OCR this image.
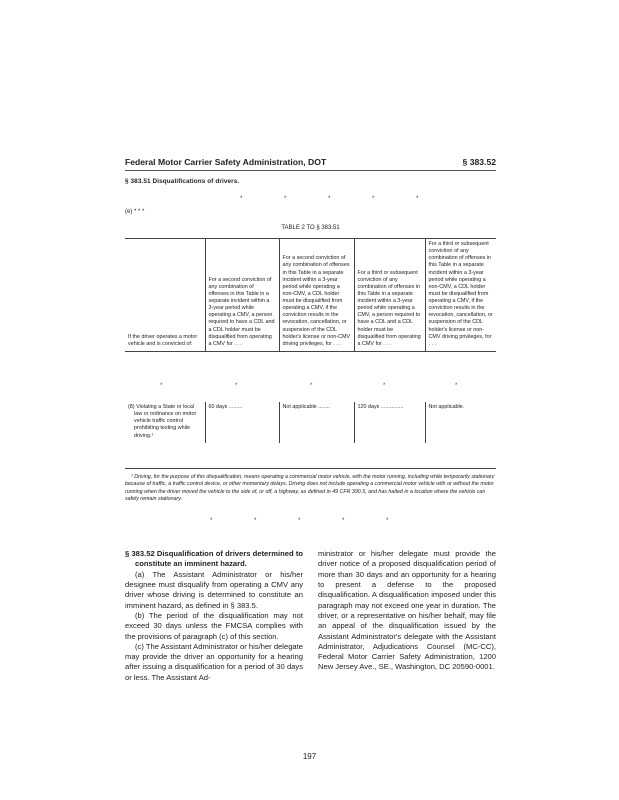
Federal Motor Carrier Safety Administration, DOT	§ 383.52
§ 383.51 Disqualifications of drivers.
* * * * *
(e) * * *
TABLE 2 TO § 383.51
If the driver operates a motor vehicle and is convicted of:	For a second conviction of any combination of offenses in this Table in a separate incident within a 3-year period while operating a CMV, a person required to have a CDL and a CDL holder must be disqualified from operating a CMV for . . .	For a second conviction of any combination of offenses in this Table in a separate incident within a 3-year period while operating a non-CMV, a CDL holder must be disqualified from operating a CMV, if the conviction results in the revocation, cancellation, or suspension of the CDL holder's license or non-CMV driving privileges, for . . .	For a third or subsequent conviction of any combination of offenses in this Table in a separate incident within a 3-year period while operating a CMV, a person required to have a CDL and a CDL holder must be disqualified from operating a CMV for . . .	For a third or subsequent conviction of any combination of offenses in this Table in a separate incident within a 3-year period while operating a non-CMV, a CDL holder must be disqualified from operating a CMV, if the conviction results in the revocation, cancellation, or suspension of the CDL holder's license or non-CMV driving privileges, for . . .
*	*	*	*	*
(8) Violating a State or local law or ordinance on motor vehicle traffic control prohibiting texting while driving.¹	60 days .........	Not applicable ........	120 days ...............	Not applicable.
¹ Driving, for the purpose of this disqualification, means operating a commercial motor vehicle, with the motor running, including while temporarily stationary because of traffic, a traffic control device, or other momentary delays. Driving does not include operating a commercial motor vehicle with or without the motor running when the driver moved the vehicle to the side of, or off, a highway, as defined in 49 CFR 390.5, and has halted in a location where the vehicle can safely remain stationary.
* * * * *

§ 383.52 Disqualification of drivers determined to constitute an imminent hazard.

(a) The Assistant Administrator or his/her designee must disqualify from operating a CMV any driver whose driving is determined to constitute an imminent hazard, as defined in § 383.5.

(b) The period of the disqualification may not exceed 30 days unless the FMCSA complies with the provisions of paragraph (c) of this section.

(c) The Assistant Administrator or his/her delegate may provide the driver an opportunity for a hearing after issuing a disqualification for a period of 30 days or less. The Assistant Ad-

ministrator or his/her delegate must provide the driver notice of a proposed disqualification period of more than 30 days and an opportunity for a hearing to present a defense to the proposed disqualification. A disqualification imposed under this paragraph may not exceed one year in duration. The driver, or a representative on his/her behalf, may file an appeal of the disqualification issued by the Assistant Administrator's delegate with the Assistant Administrator, Adjudications Counsel (MC-CC), Federal Motor Carrier Safety Administration, 1200 New Jersey Ave., SE., Washington, DC 20590-0001.

197
